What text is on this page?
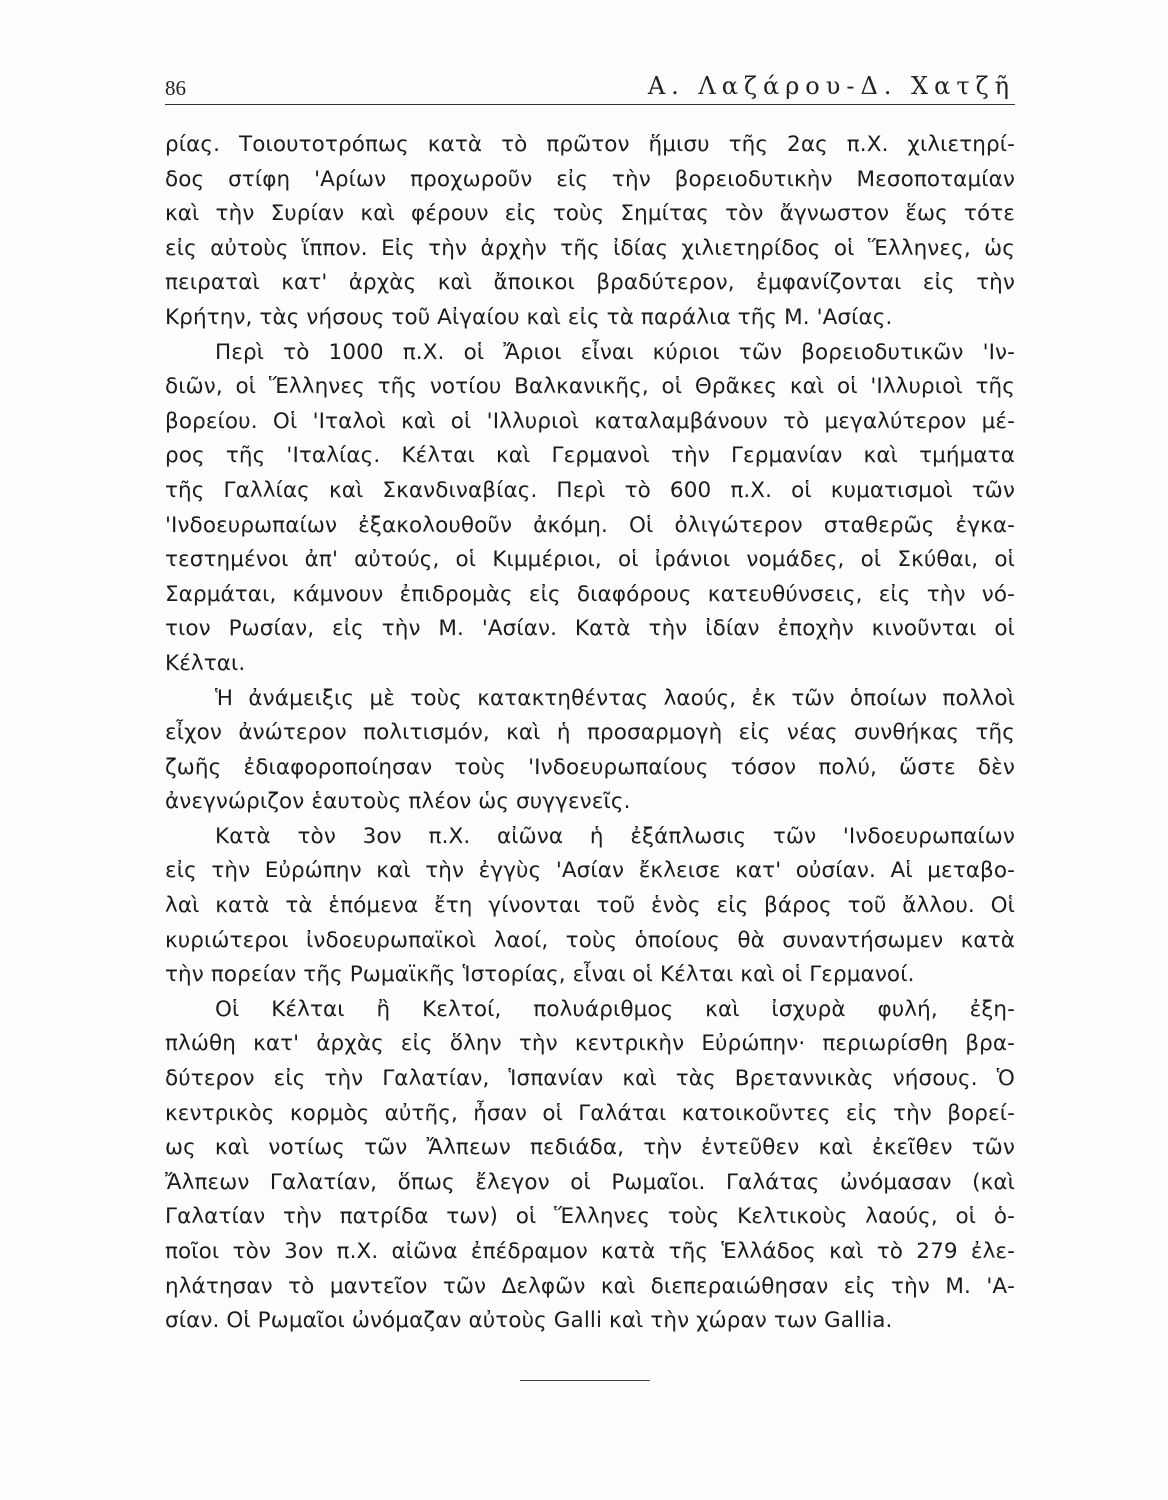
86	Α. Λαζάρου-Δ. Χατζῆ
ρίας. Τοιουτοτρόπως κατὰ τὸ πρῶτον ἥμισυ τῆς 2ας π.Χ. χιλιετηρί-
δος στίφη 'Αρίων προχωροῦν εἰς τὴν βορειοδυτικὴν Μεσοποταμίαν
καὶ τὴν Συρίαν καὶ φέρουν εἰς τοὺς Σημίτας τὸν ἄγνωστον ἕως τότε
εἰς αὐτοὺς ἵππον. Εἰς τὴν ἀρχὴν τῆς ἰδίας χιλιετηρίδος οἱ Ἕλληνες, ὡς
πειραταὶ κατ' ἀρχὰς καὶ ἄποικοι βραδύτερον, ἐμφανίζονται εἰς τὴν
Κρήτην, τὰς νήσους τοῦ Αἰγαίου καὶ εἰς τὰ παράλια τῆς Μ. 'Ασίας.
Περὶ τὸ 1000 π.Χ. οἱ Ἄριοι εἶναι κύριοι τῶν βορειοδυτικῶν 'Ιν-
διῶν, οἱ Ἕλληνες τῆς νοτίου Βαλκανικῆς, οἱ Θρᾶκες καὶ οἱ 'Ιλλυριοὶ τῆς
βορείου. Οἱ 'Ιταλοὶ καὶ οἱ 'Ιλλυριοὶ καταλαμβάνουν τὸ μεγαλύτερον μέ-
ρος τῆς 'Ιταλίας. Κέλται καὶ Γερμανοὶ τὴν Γερμανίαν καὶ τμήματα
τῆς Γαλλίας καὶ Σκανδιναβίας. Περὶ τὸ 600 π.Χ. οἱ κυματισμοὶ τῶν
'Ινδοευρωπαίων ἐξακολουθοῦν ἀκόμη. Οἱ ὀλιγώτερον σταθερῶς ἐγκα-
τεστημένοι ἀπ' αὐτούς, οἱ Κιμμέριοι, οἱ ἰράνιοι νομάδες, οἱ Σκύθαι, οἱ
Σαρμάται, κάμνουν ἐπιδρομὰς εἰς διαφόρους κατευθύνσεις, εἰς τὴν νό-
τιον Ρωσίαν, εἰς τὴν Μ. 'Ασίαν. Κατὰ τὴν ἰδίαν ἐποχὴν κινοῦνται οἱ
Κέλται.
Ἡ ἀνάμειξις μὲ τοὺς κατακτηθέντας λαούς, ἐκ τῶν ὁποίων πολλοὶ
εἶχον ἀνώτερον πολιτισμόν, καὶ ἡ προσαρμογὴ εἰς νέας συνθήκας τῆς
ζωῆς ἐδιαφοροποίησαν τοὺς 'Ινδοευρωπαίους τόσον πολύ, ὥστε δὲν
ἀνεγνώριζον ἑαυτοὺς πλέον ὡς συγγενεῖς.
Κατὰ τὸν 3ον π.Χ. αἰῶνα ἡ ἐξάπλωσις τῶν 'Ινδοευρωπαίων
εἰς τὴν Εὐρώπην καὶ τὴν ἐγγὺς 'Ασίαν ἔκλεισε κατ' οὐσίαν. Αἱ μεταβο-
λαὶ κατὰ τὰ ἑπόμενα ἔτη γίνονται τοῦ ἑνὸς εἰς βάρος τοῦ ἄλλου. Οἱ
κυριώτεροι ἰνδοευρωπαϊκοὶ λαοί, τοὺς ὁποίους θὰ συναντήσωμεν κατὰ
τὴν πορείαν τῆς Ρωμαϊκῆς Ἱστορίας, εἶναι οἱ Κέλται καὶ οἱ Γερμανοί.
Οἱ Κέλται ἢ Κελτοί, πολυάριθμος καὶ ἰσχυρὰ φυλή, ἐξη-
πλώθη κατ' ἀρχὰς εἰς ὅλην τὴν κεντρικὴν Εὐρώπην· περιωρίσθη βρα-
δύτερον εἰς τὴν Γαλατίαν, Ἱσπανίαν καὶ τὰς Βρεταννικὰς νήσους. Ὁ
κεντρικὸς κορμὸς αὐτῆς, ἦσαν οἱ Γαλάται κατοικοῦντες εἰς τὴν βορεί-
ως καὶ νοτίως τῶν Ἄλπεων πεδιάδα, τὴν ἐντεῦθεν καὶ ἐκεῖθεν τῶν
Ἄλπεων Γαλατίαν, ὅπως ἔλεγον οἱ Ρωμαῖοι. Γαλάτας ὠνόμασαν (καὶ
Γαλατίαν τὴν πατρίδα των) οἱ Ἕλληνες τοὺς Κελτικοὺς λαούς, οἱ ὁ-
ποῖοι τὸν 3ον π.Χ. αἰῶνα ἐπέδραμον κατὰ τῆς Ἑλλάδος καὶ τὸ 279 ἐλε-
ηλάτησαν τὸ μαντεῖον τῶν Δελφῶν καὶ διεπεραιώθησαν εἰς τὴν Μ. 'Α-
σίαν. Οἱ Ρωμαῖοι ὠνόμαζαν αὐτοὺς Galli καὶ τὴν χώραν των Gallia.
